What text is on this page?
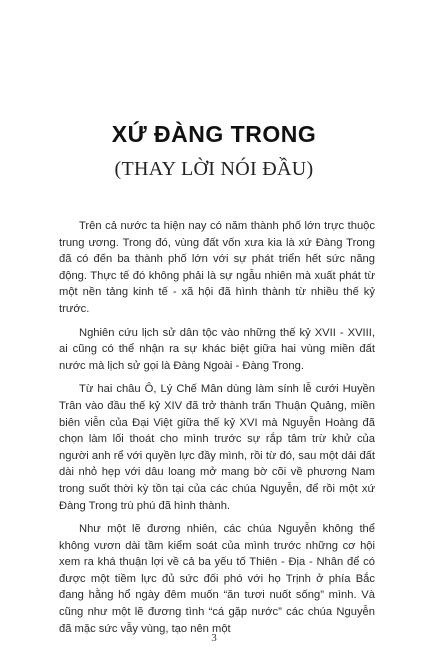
XỨ ĐÀNG TRONG
(THAY LỜI NÓI ĐẦU)

Trên cả nước ta hiện nay có năm thành phố lớn trực thuộc trung ương. Trong đó, vùng đất vốn xưa kia là xứ Đàng Trong đã có đến ba thành phố lớn với sự phát triển hết sức năng động. Thực tế đó không phải là sự ngẫu nhiên mà xuất phát từ một nền tảng kinh tế - xã hội đã hình thành từ nhiều thế kỷ trước.

Nghiên cứu lịch sử dân tộc vào những thế kỷ XVII - XVIII, ai cũng có thể nhận ra sự khác biệt giữa hai vùng miền đất nước mà lịch sử gọi là Đàng Ngoài - Đàng Trong.

Từ hai châu Ô, Lý Chế Mân dùng làm sính lễ cưới Huyền Trân vào đầu thế kỷ XIV đã trở thành trấn Thuận Quảng, miền biên viễn của Đại Việt giữa thế kỷ XVI mà Nguyễn Hoàng đã chọn làm lối thoát cho mình trước sự rắp tâm trừ khử của người anh rể với quyền lực đầy mình, rồi từ đó, sau một dải đất dài nhỏ hẹp với dâu loang mở mang bờ cõi về phương Nam trong suốt thời kỳ tồn tại của các chúa Nguyễn, để rồi một xứ Đàng Trong trù phú đã hình thành.

Như một lẽ đương nhiên, các chúa Nguyễn không thể không vươn dài tầm kiểm soát của mình trước những cơ hội xem ra khá thuận lợi về cả ba yếu tố Thiên - Địa - Nhân để có được một tiềm lực đủ sức đối phó với họ Trịnh ở phía Bắc đang hằng hổ ngày đêm muốn “ăn tươi nuốt sống” mình. Và cũng như một lẽ đương tình “cá gặp nước” các chúa Nguyễn đã mặc sức vẫy vùng, tạo nên một

3
